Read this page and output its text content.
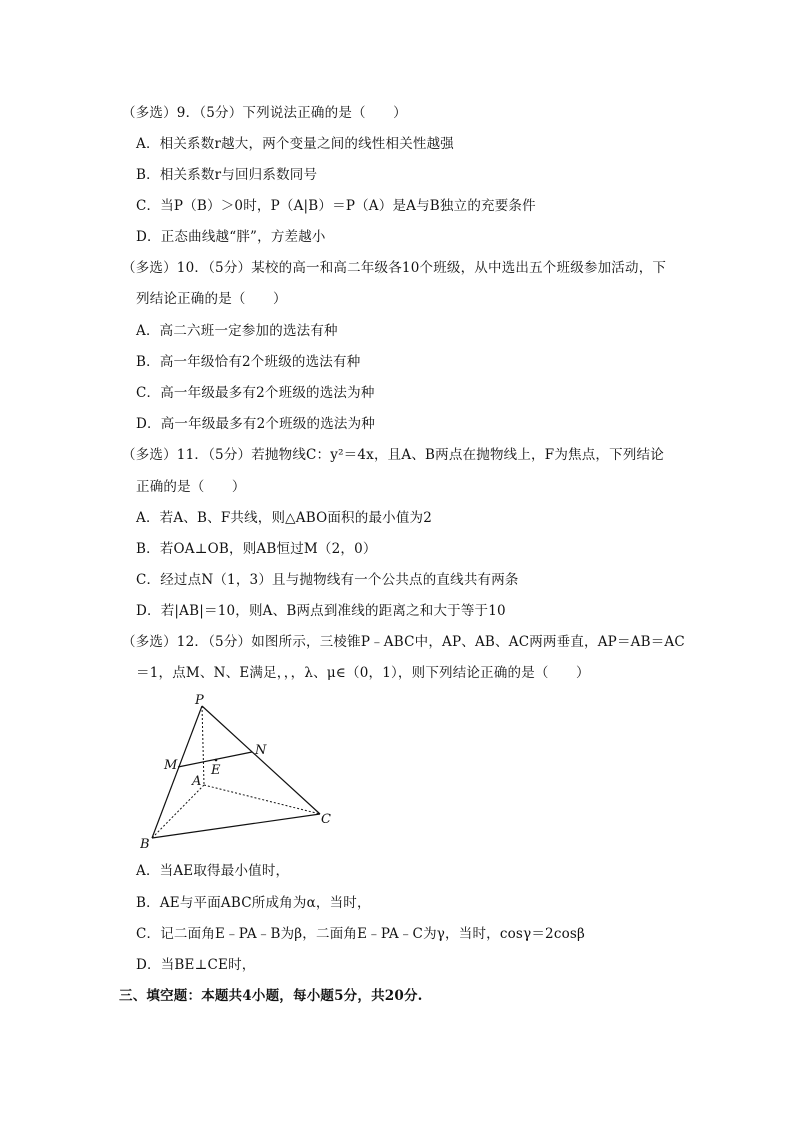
（多选）9．（5分）下列说法正确的是（　　）
A．相关系数r越大，两个变量之间的线性相关性越强
B．相关系数r与回归系数同号
C．当P（B）＞0时，P（A|B）＝P（A）是A与B独立的充要条件
D．正态曲线越“胖”，方差越小
（多选）10．（5分）某校的高一和高二年级各10个班级，从中选出五个班级参加活动，下
列结论正确的是（　　）
A．高二六班一定参加的选法有种
B．高一年级恰有2个班级的选法有种
C．高一年级最多有2个班级的选法为种
D．高一年级最多有2个班级的选法为种
（多选）11．（5分）若抛物线C：y²＝4x，且A、B两点在抛物线上，F为焦点，下列结论
正确的是（　　）
A．若A、B、F共线，则△ABO面积的最小值为2
B．若OA⊥OB，则AB恒过M（2，0）
C．经过点N（1，3）且与抛物线有一个公共点的直线共有两条
D．若|AB|＝10，则A、B两点到准线的距离之和大于等于10
（多选）12．（5分）如图所示，三棱锥P﹣ABC中，AP、AB、AC两两垂直，AP＝AB＝AC
＝1，点M、N、E满足，，，λ、μ∈（0，1），则下列结论正确的是（　　）
P
M
N
E
A
B
C
A．当AE取得最小值时，
B．AE与平面ABC所成角为α，当时，
C．记二面角E﹣PA﹣B为β，二面角E﹣PA﹣C为γ，当时，cosγ＝2cosβ
D．当BE⊥CE时，
三、填空题：本题共4小题，每小题5分，共20分.
